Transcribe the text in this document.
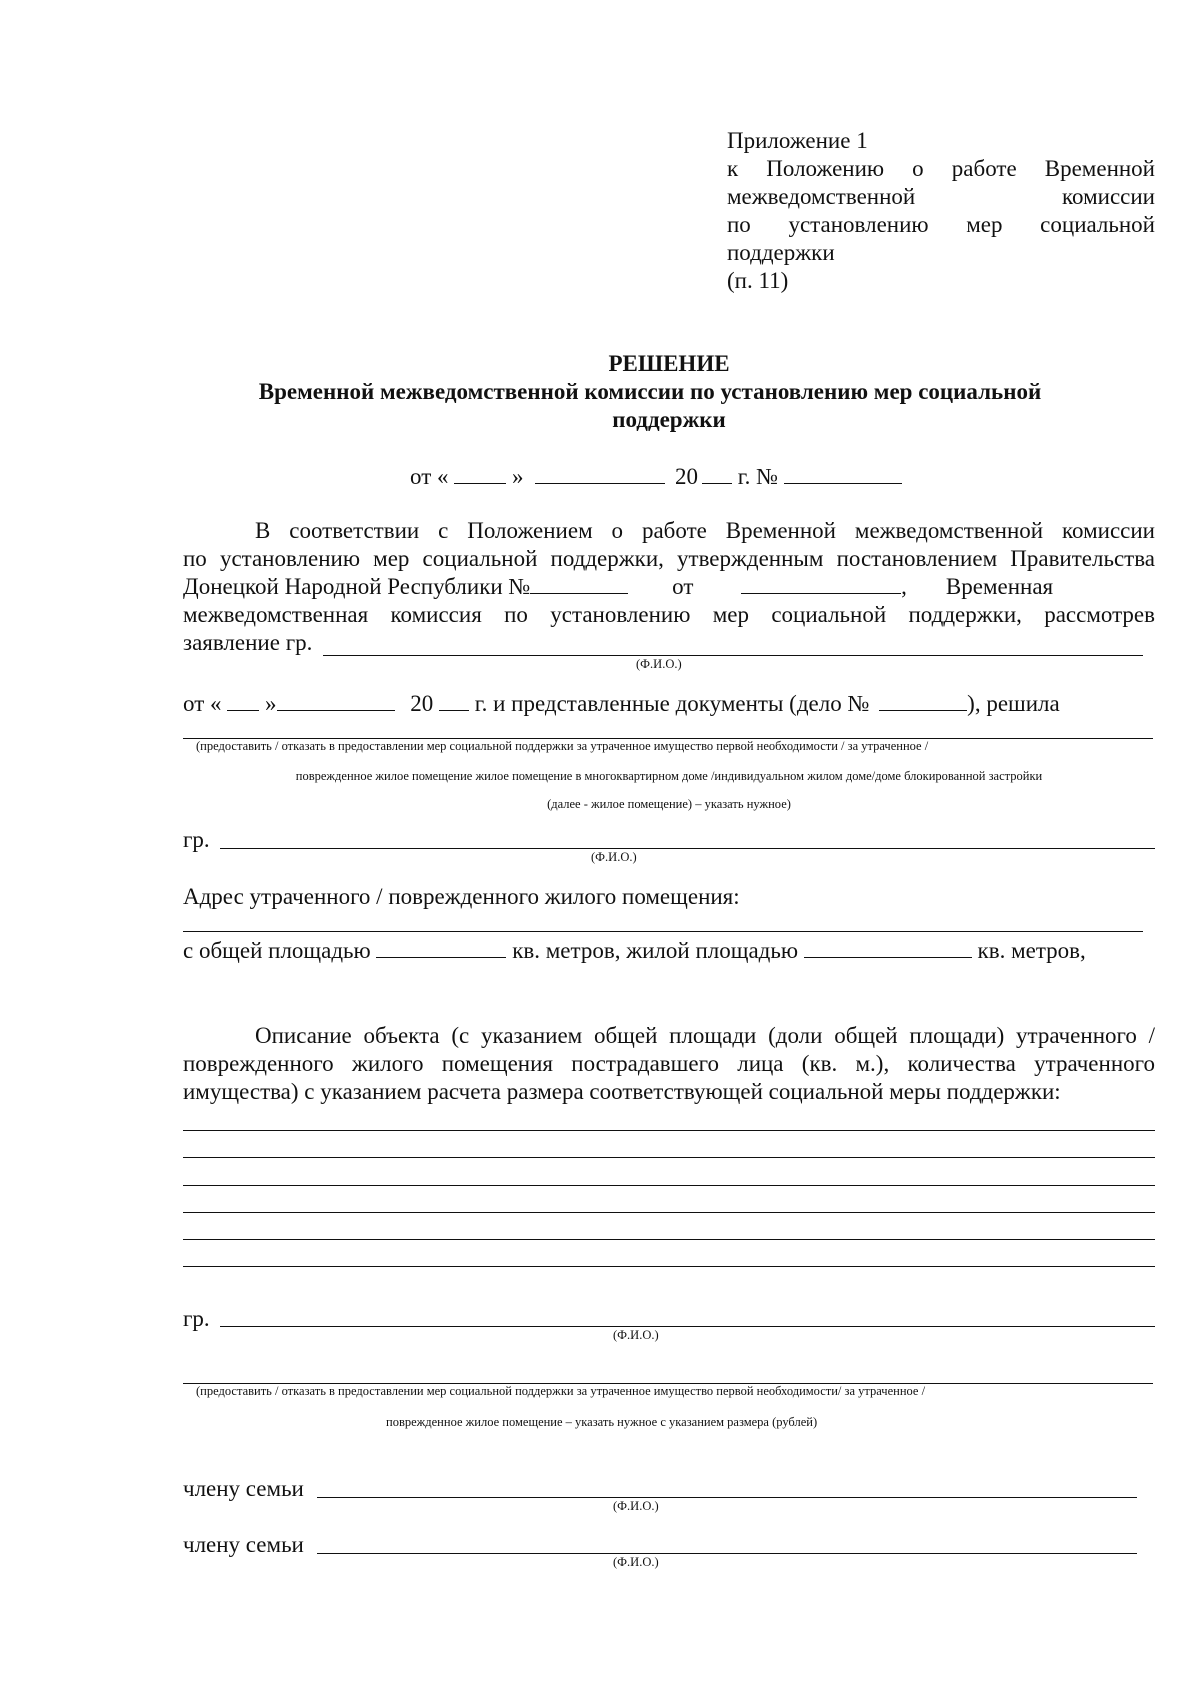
Приложение 1
к Положению о работе Временной
межведомственной комиссии
по установлению мер социальной
поддержки
(п. 11)
РЕШЕНИЕ
Временной межведомственной комиссии по установлению мер социальной
поддержки
от «	»	20 г. №
В соответствии с Положением о работе Временной межведомственной комиссии
по установлению мер социальной поддержки, утвержденным постановлением Правительства
Донецкой Народной Республики №	от	, Временная
межведомственная комиссия по установлению мер социальной поддержки, рассмотрев
заявление гр.
(Ф.И.О.)
от « »	20 г. и представленные документы (дело №	), решила
(предоставить / отказать в предоставлении мер социальной поддержки за утраченное имущество первой необходимости / за утраченное /
поврежденное жилое помещение жилое помещение в многоквартирном доме /индивидуальном жилом доме/доме блокированной застройки
(далее - жилое помещение) – указать нужное)
гр.
(Ф.И.О.)
Адрес утраченного / поврежденного жилого помещения:
с общей площадью	кв. метров, жилой площадью	кв. метров,
Описание объекта (с указанием общей площади (доли общей площади) утраченного /
поврежденного жилого помещения пострадавшего лица (кв. м.), количества утраченного
имущества) с указанием расчета размера соответствующей социальной меры поддержки:
гр.
(Ф.И.О.)
(предоставить / отказать в предоставлении мер социальной поддержки за утраченное имущество первой необходимости/ за утраченное /
поврежденное жилое помещение – указать нужное с указанием размера (рублей)
члену семьи
(Ф.И.О.)
члену семьи
(Ф.И.О.)
